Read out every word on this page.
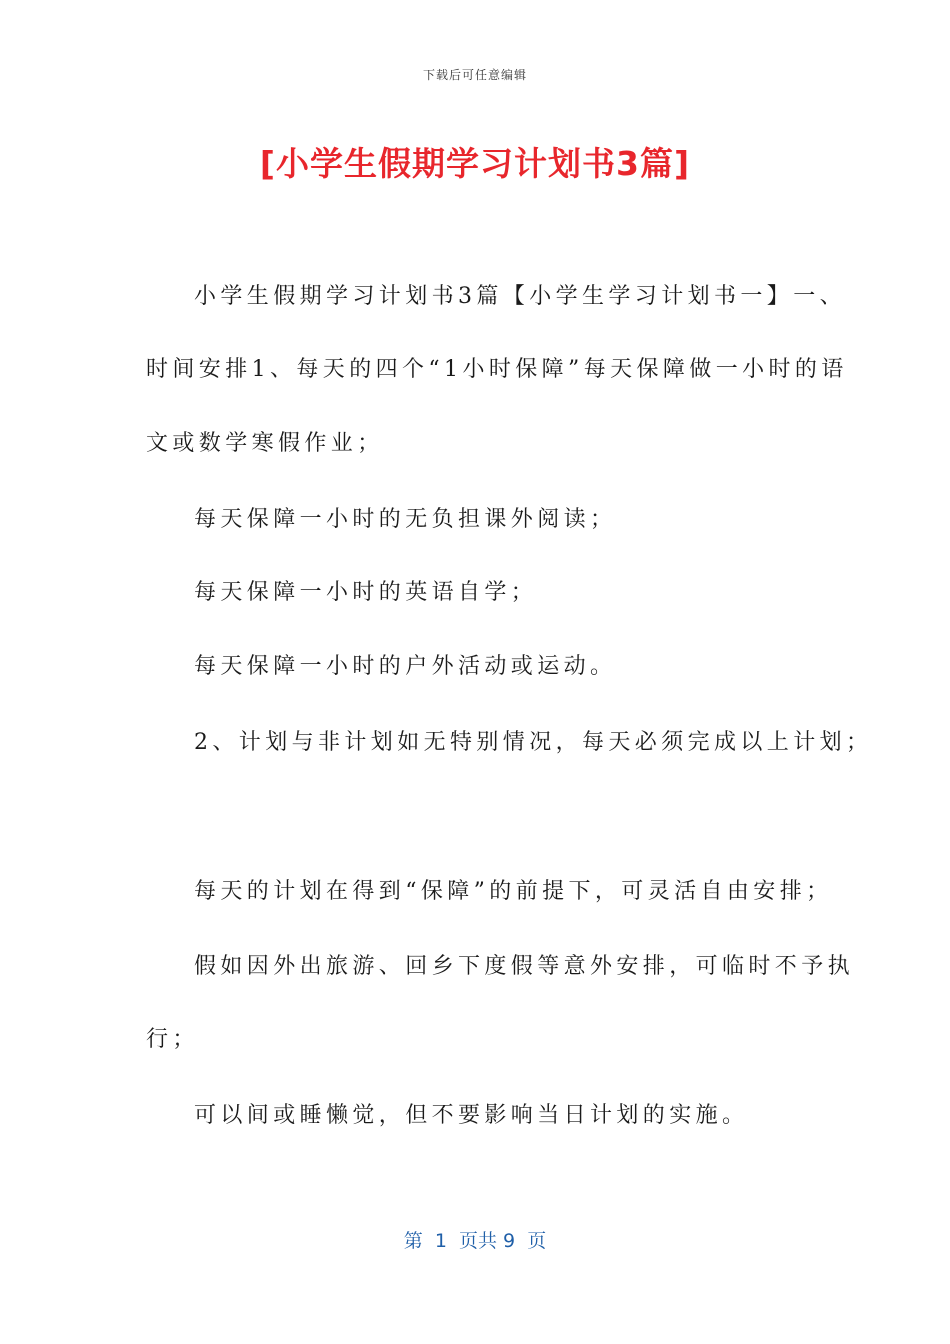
下载后可任意编辑
[小学生假期学习计划书3篇]
小学生假期学习计划书3篇【小学生学习计划书一】一、
时间安排1、每天的四个“1小时保障”每天保障做一小时的语
文或数学寒假作业；
每天保障一小时的无负担课外阅读；
每天保障一小时的英语自学；
每天保障一小时的户外活动或运动。
2、计划与非计划如无特别情况，每天必须完成以上计划；
每天的计划在得到“保障”的前提下，可灵活自由安排；
假如因外出旅游、回乡下度假等意外安排，可临时不予执
行；
可以间或睡懒觉，但不要影响当日计划的实施。
第  1  页共 9  页
